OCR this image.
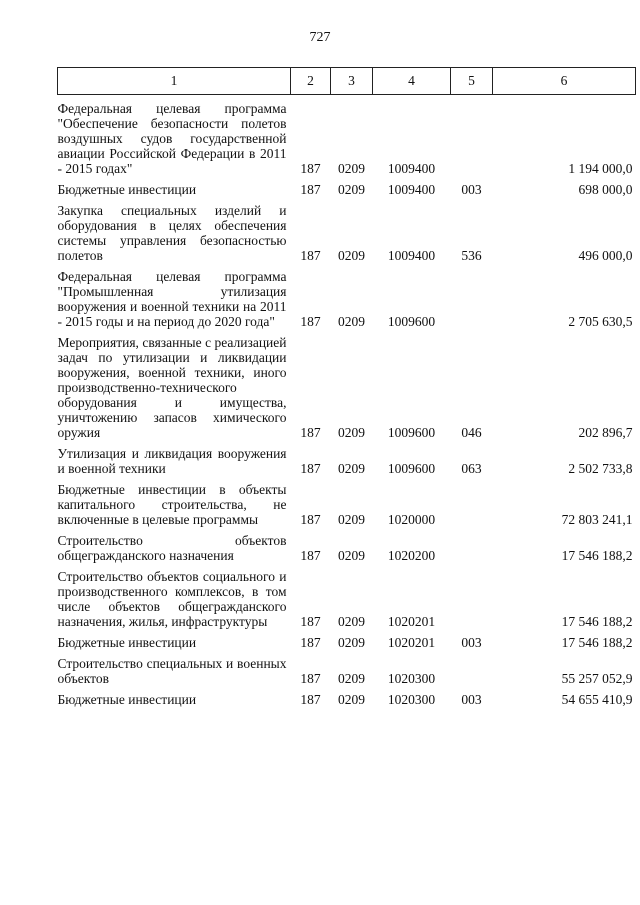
727
1	2	3	4	5	6
Федеральная целевая программа "Обеспечение безопасности полетов воздушных судов государственной авиации Российской Федерации в 2011 - 2015 годах"	187	0209	1009400		1 194 000,0
Бюджетные инвестиции	187	0209	1009400	003	698 000,0
Закупка специальных изделий и оборудования в целях обеспечения системы управления безопасностью полетов	187	0209	1009400	536	496 000,0
Федеральная целевая программа "Промышленная утилизация вооружения и военной техники на 2011 - 2015 годы и на период до 2020 года"	187	0209	1009600		2 705 630,5
Мероприятия, связанные с реализацией задач по утилизации и ликвидации вооружения, военной техники, иного производственно-технического оборудования и имущества, уничтожению запасов химического оружия	187	0209	1009600	046	202 896,7
Утилизация и ликвидация вооружения и военной техники	187	0209	1009600	063	2 502 733,8
Бюджетные инвестиции в объекты капитального строительства, не включенные в целевые программы	187	0209	1020000		72 803 241,1
Строительство объектов общегражданского назначения	187	0209	1020200		17 546 188,2
Строительство объектов социального и производственного комплексов, в том числе объектов общегражданского назначения, жилья, инфраструктуры	187	0209	1020201		17 546 188,2
Бюджетные инвестиции	187	0209	1020201	003	17 546 188,2
Строительство специальных и военных объектов	187	0209	1020300		55 257 052,9
Бюджетные инвестиции	187	0209	1020300	003	54 655 410,9
